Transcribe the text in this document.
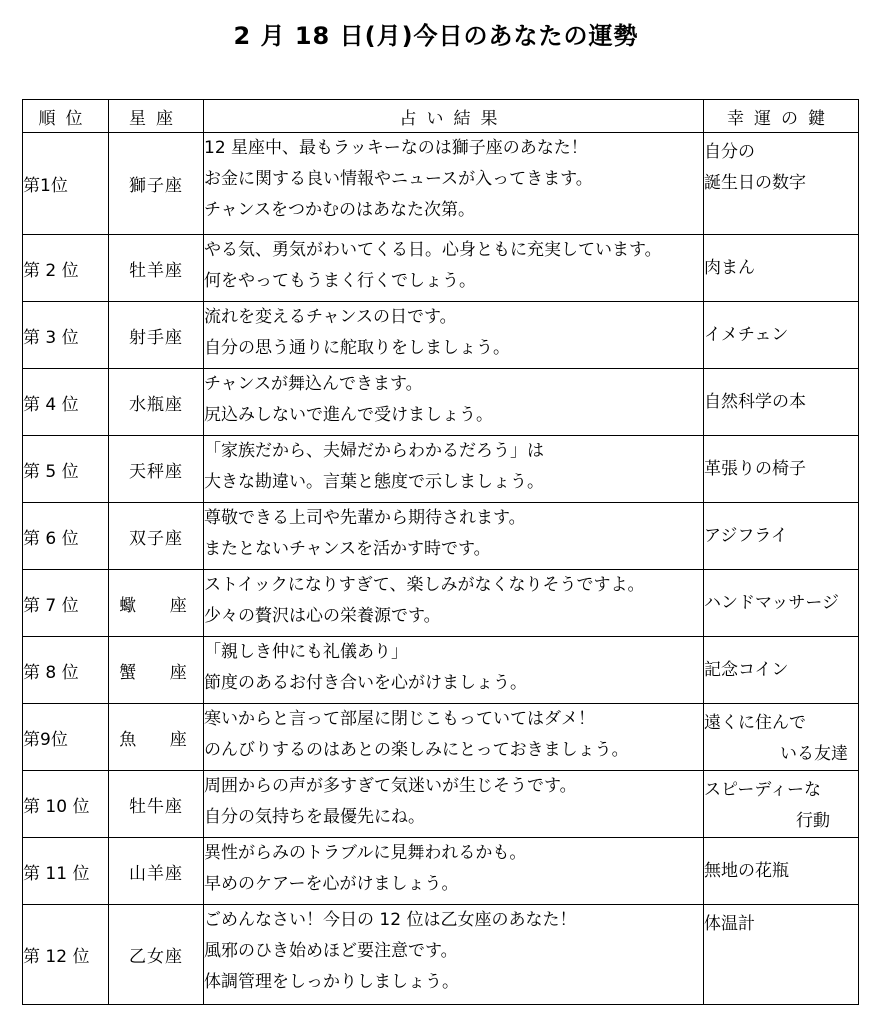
2 月 18 日(月)今日のあなたの運勢
順位	星座	占い結果	幸運の鍵
第1位	獅子座	12 星座中、最もラッキーなのは獅子座のあなた！
お金に関する良い情報やニュースが入ってきます。
チャンスをつかむのはあなた次第。	自分の
誕生日の数字

第 2 位	牡羊座	やる気、勇気がわいてくる日。心身ともに充実しています。
何をやってもうまく行くでしょう。	肉まん

第 3 位	射手座	流れを変えるチャンスの日です。
自分の思う通りに舵取りをしましょう。	イメチェン

第 4 位	水瓶座	チャンスが舞込んできます。
尻込みしないで進んで受けましょう。	自然科学の本

第 5 位	天秤座	「家族だから、夫婦だからわかるだろう」は
大きな勘違い。言葉と態度で示しましょう。	革張りの椅子

第 6 位	双子座	尊敬できる上司や先輩から期待されます。
またとないチャンスを活かす時です。	アジフライ

第 7 位	蠍 座	ストイックになりすぎて、楽しみがなくなりそうですよ。
少々の贅沢は心の栄養源です。	ハンドマッサージ

第 8 位	蟹 座	「親しき仲にも礼儀あり」
節度のあるお付き合いを心がけましょう。	記念コイン

第9位	魚 座	寒いからと言って部屋に閉じこもっていてはダメ！
のんびりするのはあとの楽しみにとっておきましょう。	遠くに住んで
いる友達

第 10 位	牡牛座	周囲からの声が多すぎて気迷いが生じそうです。
自分の気持ちを最優先にね。	スピーディーな
行動

第 11 位	山羊座	異性がらみのトラブルに見舞われるかも。
早めのケアーを心がけましょう。	無地の花瓶

第 12 位	乙女座	ごめんなさい！今日の 12 位は乙女座のあなた！
風邪のひき始めほど要注意です。
体調管理をしっかりしましょう。	体温計
